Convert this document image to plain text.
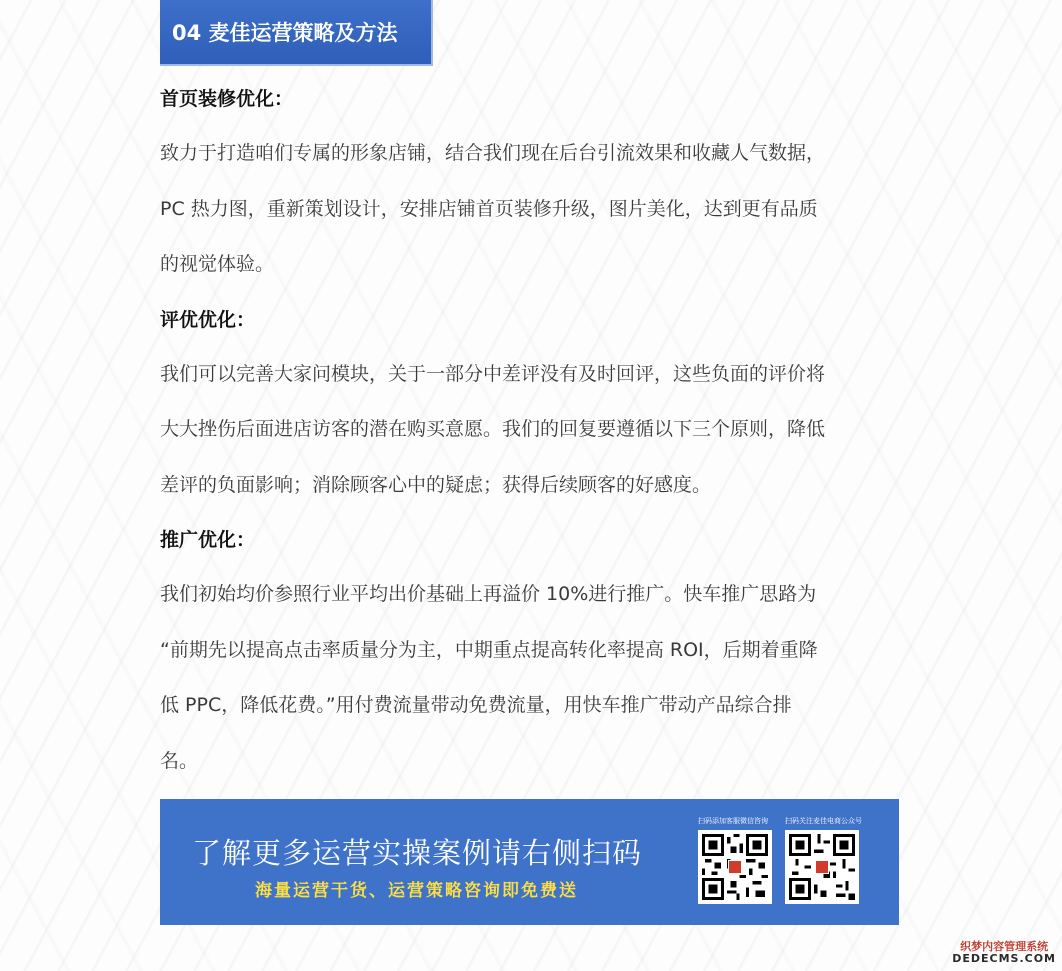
04 麦佳运营策略及方法
首页装修优化：
致力于打造咱们专属的形象店铺，结合我们现在后台引流效果和收藏人气数据，
PC 热力图，重新策划设计，安排店铺首页装修升级，图片美化，达到更有品质
的视觉体验。
评优优化：
我们可以完善大家问模块，关于一部分中差评没有及时回评，这些负面的评价将
大大挫伤后面进店访客的潜在购买意愿。我们的回复要遵循以下三个原则，降低
差评的负面影响；消除顾客心中的疑虑；获得后续顾客的好感度。
推广优化：
我们初始均价参照行业平均出价基础上再溢价 10%进行推广。快车推广思路为
“前期先以提高点击率质量分为主，中期重点提高转化率提高 ROI，后期着重降
低 PPC，降低花费。”用付费流量带动免费流量，用快车推广带动产品综合排
名。
了解更多运营实操案例请右侧扫码
海量运营干货、运营策略咨询即免费送
扫码添加客服微信咨询	扫码关注麦佳电商公众号
织梦内容管理系统
DEDECMS.COM
